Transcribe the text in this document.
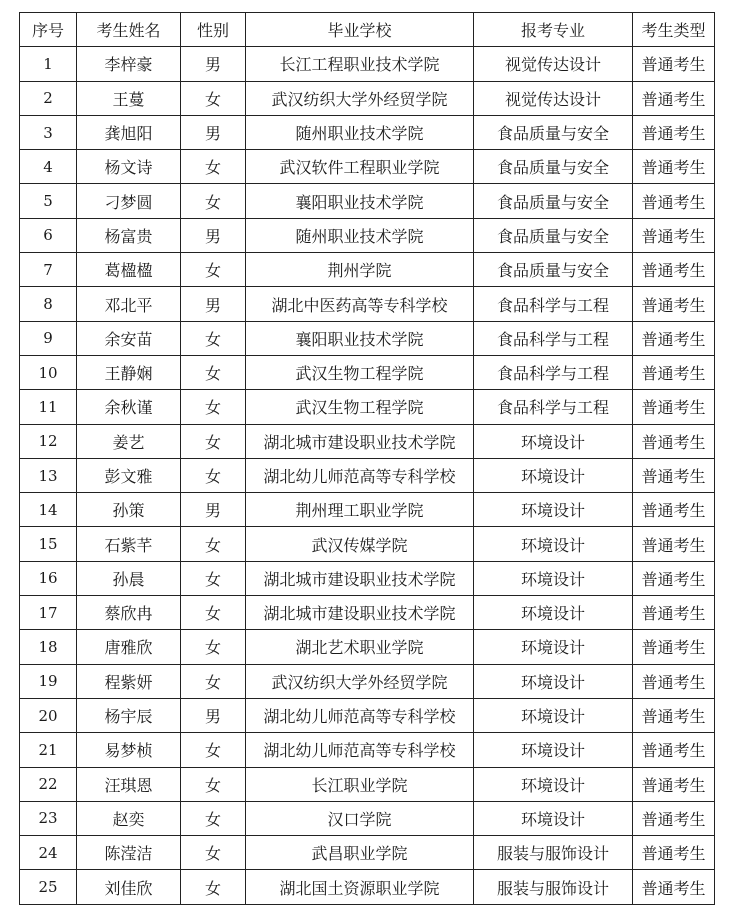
序号	考生姓名	性别	毕业学校	报考专业	考生类型
1	李梓豪	男	长江工程职业技术学院	视觉传达设计	普通考生
2	王蔓	女	武汉纺织大学外经贸学院	视觉传达设计	普通考生
3	龚旭阳	男	随州职业技术学院	食品质量与安全	普通考生
4	杨文诗	女	武汉软件工程职业学院	食品质量与安全	普通考生
5	刁梦圆	女	襄阳职业技术学院	食品质量与安全	普通考生
6	杨富贵	男	随州职业技术学院	食品质量与安全	普通考生
7	葛楹楹	女	荆州学院	食品质量与安全	普通考生
8	邓北平	男	湖北中医药高等专科学校	食品科学与工程	普通考生
9	余安苗	女	襄阳职业技术学院	食品科学与工程	普通考生
10	王静娴	女	武汉生物工程学院	食品科学与工程	普通考生
11	余秋谨	女	武汉生物工程学院	食品科学与工程	普通考生
12	姜艺	女	湖北城市建设职业技术学院	环境设计	普通考生
13	彭文雅	女	湖北幼儿师范高等专科学校	环境设计	普通考生
14	孙策	男	荆州理工职业学院	环境设计	普通考生
15	石紫芊	女	武汉传媒学院	环境设计	普通考生
16	孙晨	女	湖北城市建设职业技术学院	环境设计	普通考生
17	蔡欣冉	女	湖北城市建设职业技术学院	环境设计	普通考生
18	唐雅欣	女	湖北艺术职业学院	环境设计	普通考生
19	程紫妍	女	武汉纺织大学外经贸学院	环境设计	普通考生
20	杨宇辰	男	湖北幼儿师范高等专科学校	环境设计	普通考生
21	易梦桢	女	湖北幼儿师范高等专科学校	环境设计	普通考生
22	汪琪恩	女	长江职业学院	环境设计	普通考生
23	赵奕	女	汉口学院	环境设计	普通考生
24	陈滢洁	女	武昌职业学院	服装与服饰设计	普通考生
25	刘佳欣	女	湖北国土资源职业学院	服装与服饰设计	普通考生
